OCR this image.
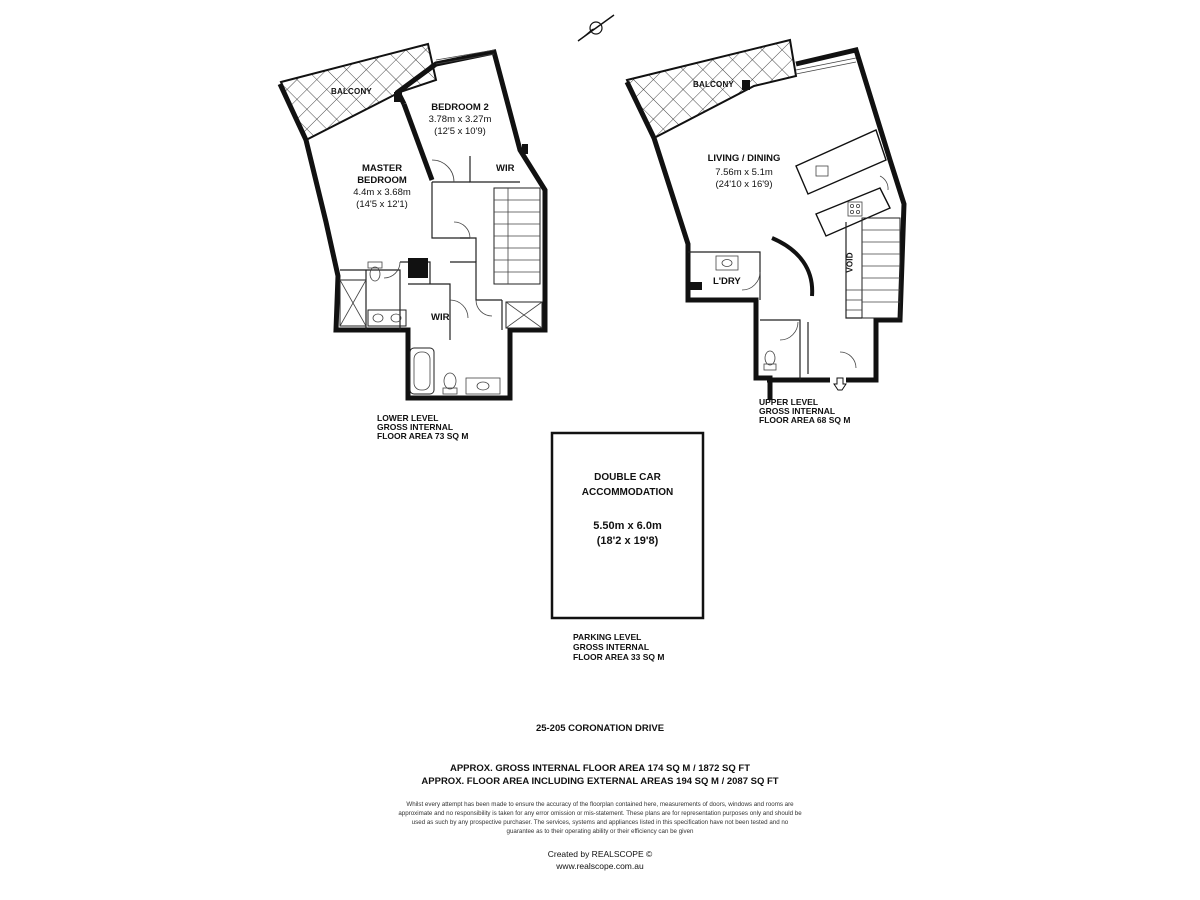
BALCONY
BEDROOM 2
3.78m x 3.27m
(12'5 x 10'9)
MASTER
BEDROOM
4.4m x 3.68m
(14'5 x 12'1)
WIR
WIR
LOWER LEVEL
GROSS INTERNAL
FLOOR AREA 73 SQ M
BALCONY
LIVING / DINING
7.56m x 5.1m
(24'10 x 16'9)
L'DRY
VOID
UPPER LEVEL
GROSS INTERNAL
FLOOR AREA 68 SQ M
DOUBLE CAR
ACCOMMODATION
5.50m x 6.0m
(18'2 x 19'8)
PARKING LEVEL
GROSS INTERNAL
FLOOR AREA 33 SQ M
25-205 CORONATION DRIVE
APPROX. GROSS INTERNAL FLOOR AREA 174 SQ M / 1872 SQ FT
APPROX. FLOOR AREA INCLUDING EXTERNAL AREAS 194 SQ M / 2087 SQ FT
Whilst every attempt has been made to ensure the accuracy of the floorplan contained here, measurements of doors, windows and rooms are
approximate and no responsibility is taken for any error omission or mis-statement. These plans are for representation purposes only and should be
used as such by any prospective purchaser. The services, systems and appliances listed in this specification have not been tested and no
guarantee as to their operating ability or their efficiency can be given
Created by REALSCOPE ©
www.realscope.com.au
